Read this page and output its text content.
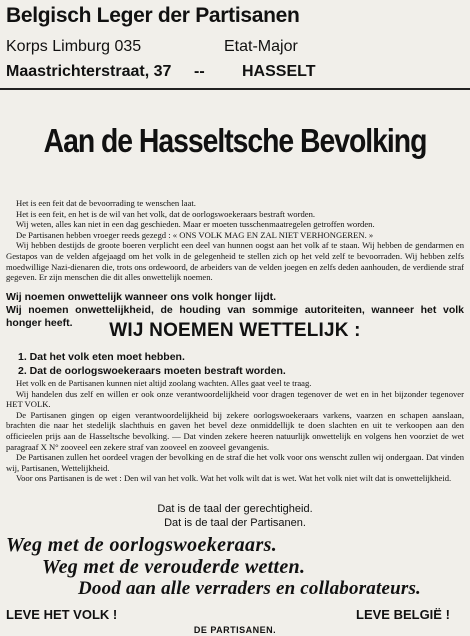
Belgisch Leger der Partisanen
Korps Limburg 035	Etat-Major
Maastrichterstraat, 37 -- HASSELT
Aan de Hasseltsche Bevolking

Het is een feit dat de bevoorrading te wenschen laat.

Het is een feit, en het is de wil van het volk, dat de oorlogswoekeraars bestraft worden.

Wij weten, alles kan niet in een dag geschieden. Maar er moeten tusschenmaatregelen getroffen worden.

De Partisanen hebben vroeger reeds gezegd : « ONS VOLK MAG EN ZAL NIET VERHONGEREN. »

Wij hebben destijds de groote boeren verplicht een deel van hunnen oogst aan het volk af te staan. Wij hebben de gendarmen en Gestapos van de velden afgejaagd om het volk in de gelegenheid te stellen zich op het veld zelf te bevoorraden. Wij hebben zelfs moedwillige Nazi-dienaren die, trots ons ordewoord, de arbeiders van de velden joegen en zelfs deden aanhouden, de verdiende straf gegeven. Er zijn menschen die dit alles onwettelijk noemen.

Wij noemen onwettelijk wanneer ons volk honger lijdt.
Wij noemen onwettelijkheid, de houding van sommige autoriteiten, wanneer het volk honger heeft.	WIJ NOEMEN WETTELIJK :
1. Dat het volk eten moet hebben.
2. Dat de oorlogswoekeraars moeten bestraft worden.

Het volk en de Partisanen kunnen niet altijd zoolang wachten. Alles gaat veel te traag.

Wij handelen dus zelf en willen er ook onze verantwoordelijkheid voor dragen tegenover de wet en in het bijzonder tegenover HET VOLK.

De Partisanen gingen op eigen verantwoordelijkheid bij zekere oorlogswoekeraars varkens, vaarzen en schapen aanslaan, brachten die naar het stedelijk slachthuis en gaven het bevel deze onmiddellijk te doen slachten en uit te verkoopen aan den officieelen prijs aan de Hasseltsche bevolking. — Dat vinden zekere heeren natuurlijk onwettelijk en volgens hen voorziet de wet paragraaf X N° zooveel een zekere straf van zooveel en zooveel gevangenis.

De Partisanen zullen het oordeel vragen der bevolking en de straf die het volk voor ons wenscht zullen wij ondergaan. Dat vinden wij, Partisanen, Wettelijkheid.

Voor ons Partisanen is de wet : Den wil van het volk. Wat het volk wilt dat is wet. Wat het volk niet wilt dat is onwettelijkheid.

Dat is de taal der gerechtigheid.
Dat is de taal der Partisanen.
Weg met de oorlogswoekeraars.
Weg met de verouderde wetten.
Dood aan alle verraders en collaborateurs.
LEVE HET VOLK !	LEVE BELGIË !
DE PARTISANEN.
